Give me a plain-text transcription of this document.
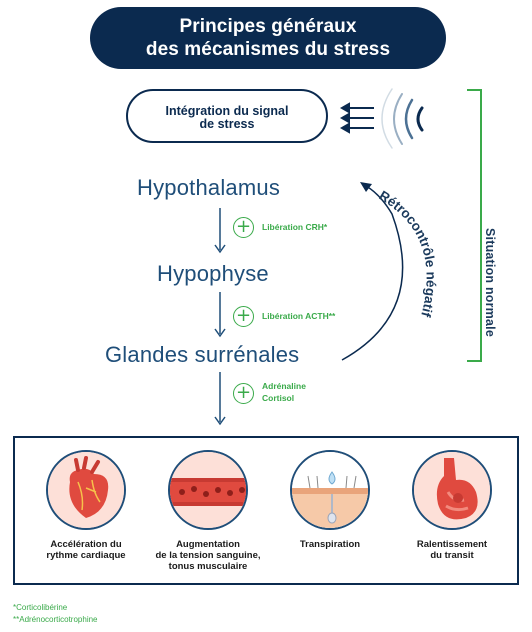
Principes généraux
des mécanismes du stress
Intégration du signal
de stress
Hypothalamus
Hypophyse
Glandes surrénales
+	Libération CRH*
+	Libération ACTH**
+	Adrénaline
Cortisol
Rétrocontrôle négatif	Situation normale
Accélération du
rythme cardiaque
Augmentation
de la tension sanguine,
tonus musculaire
Transpiration	Ralentissement
du transit
*Corticolibérine
**Adrénocorticotrophine
